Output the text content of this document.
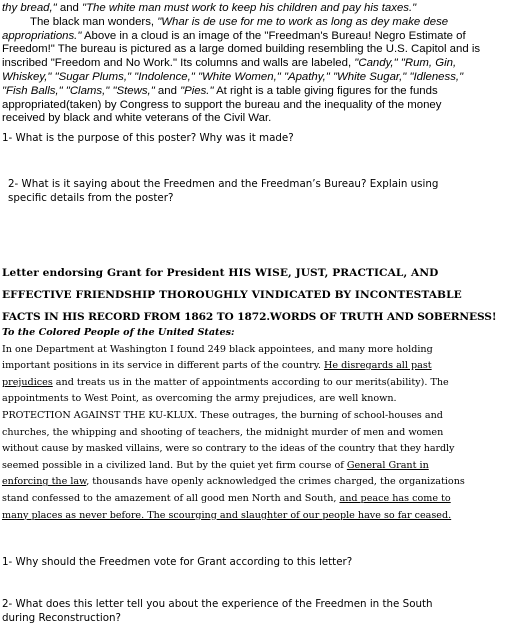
thy bread," and "The white man must work to keep his children and pay his taxes."
The black man wonders, "Whar is de use for me to work as long as dey make dese
appropriations." Above in a cloud is an image of the "Freedman's Bureau! Negro Estimate of
Freedom!" The bureau is pictured as a large domed building resembling the U.S. Capitol and is
inscribed "Freedom and No Work." Its columns and walls are labeled, "Candy," "Rum, Gin,
Whiskey," "Sugar Plums," "Indolence," "White Women," "Apathy," "White Sugar," "Idleness,"
"Fish Balls," "Clams," "Stews," and "Pies." At right is a table giving figures for the funds
appropriated(taken) by Congress to support the bureau and the inequality of the money
received by black and white veterans of the Civil War.
1- What is the purpose of this poster? Why was it made?
2- What is it saying about the Freedmen and the Freedman’s Bureau? Explain using
specific details from the poster?
Letter endorsing Grant for President HIS WISE, JUST, PRACTICAL, AND
EFFECTIVE FRIENDSHIP THOROUGHLY VINDICATED BY INCONTESTABLE
FACTS IN HIS RECORD FROM 1862 TO 1872.WORDS OF TRUTH AND SOBERNESS!
To the Colored People of the United States:
In one Department at Washington I found 249 black appointees, and many more holding
important positions in its service in different parts of the country. He disregards all past
prejudices and treats us in the matter of appointments according to our merits(ability). The
appointments to West Point, as overcoming the army prejudices, are well known.
PROTECTION AGAINST THE KU-KLUX. These outrages, the burning of school-houses and
churches, the whipping and shooting of teachers, the midnight murder of men and women
without cause by masked villains, were so contrary to the ideas of the country that they hardly
seemed possible in a civilized land. But by the quiet yet firm course of General Grant in
enforcing the law, thousands have openly acknowledged the crimes charged, the organizations
stand confessed to the amazement of all good men North and South, and peace has come to
many places as never before. The scourging and slaughter of our people have so far ceased.
1- Why should the Freedmen vote for Grant according to this letter?
2- What does this letter tell you about the experience of the Freedmen in the South
during Reconstruction?
